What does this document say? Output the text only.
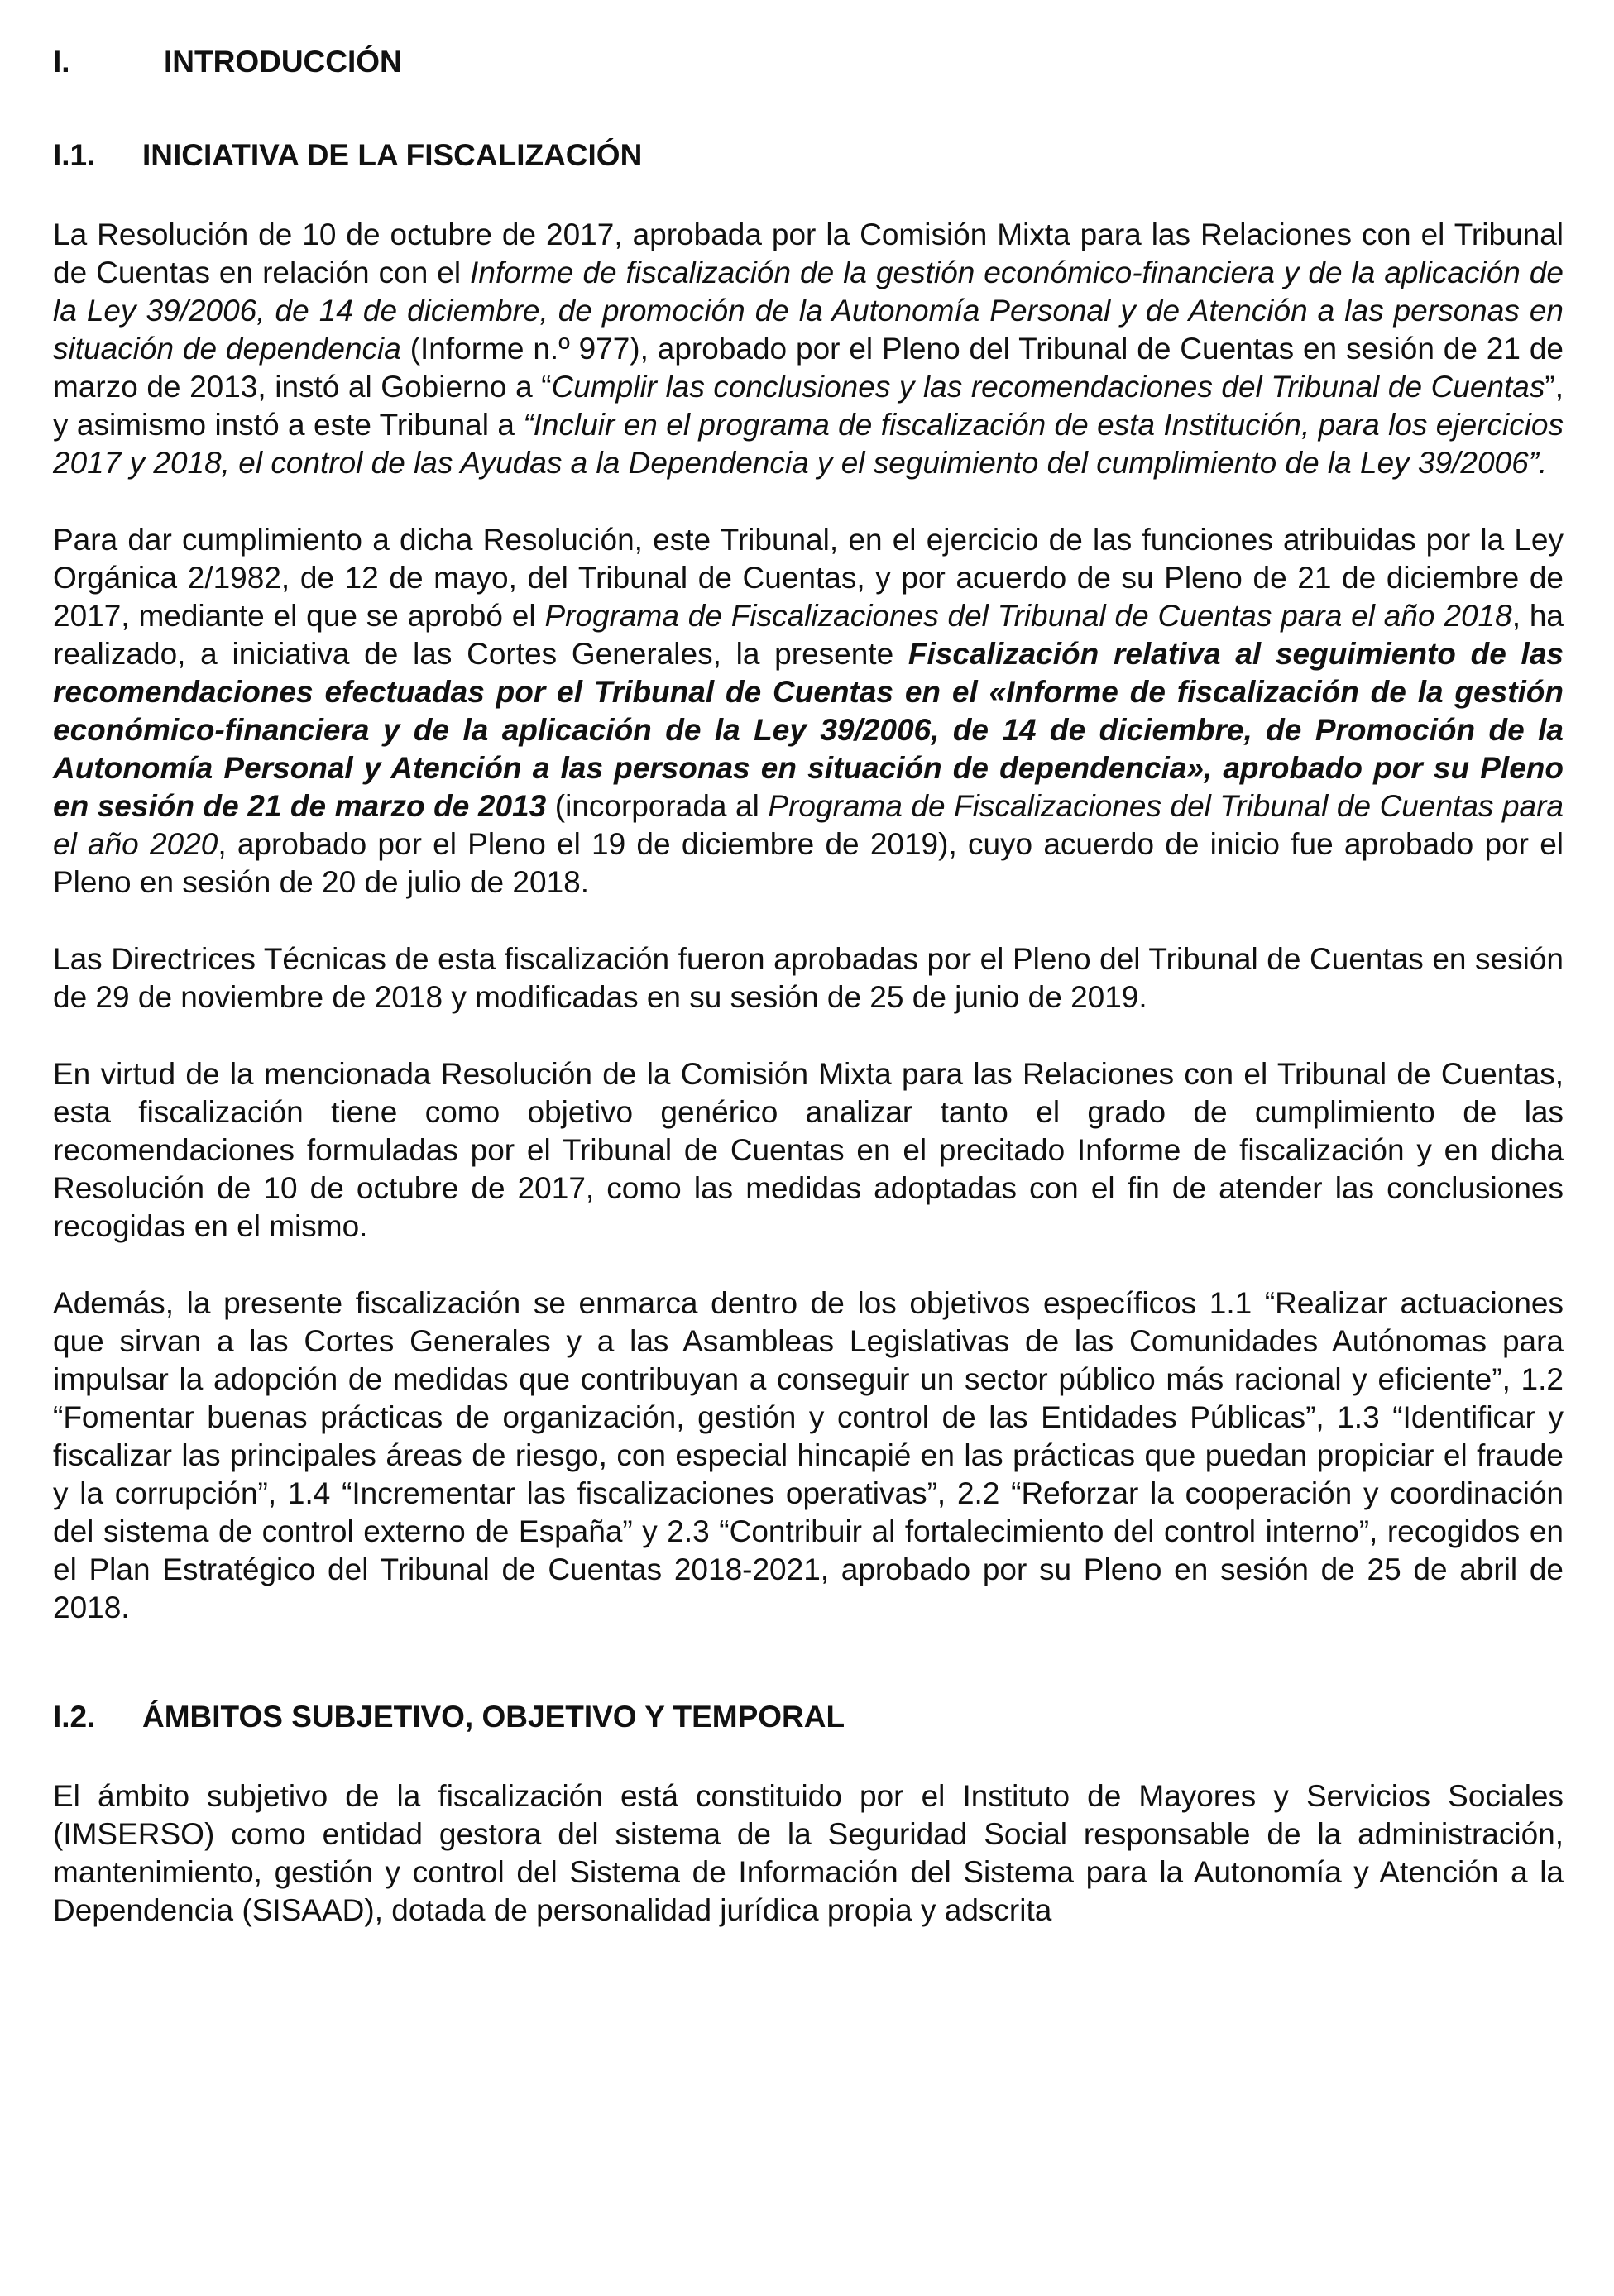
I.	INTRODUCCIÓN
I.1.	INICIATIVA DE LA FISCALIZACIÓN

La Resolución de 10 de octubre de 2017, aprobada por la Comisión Mixta para las Relaciones con el Tribunal de Cuentas en relación con el Informe de fiscalización de la gestión económico-financiera y de la aplicación de la Ley 39/2006, de 14 de diciembre, de promoción de la Autonomía Personal y de Atención a las personas en situación de dependencia (Informe n.º 977), aprobado por el Pleno del Tribunal de Cuentas en sesión de 21 de marzo de 2013, instó al Gobierno a “Cumplir las conclusiones y las recomendaciones del Tribunal de Cuentas”, y asimismo instó a este Tribunal a “Incluir en el programa de fiscalización de esta Institución, para los ejercicios 2017 y 2018, el control de las Ayudas a la Dependencia y el seguimiento del cumplimiento de la Ley 39/2006”.

Para dar cumplimiento a dicha Resolución, este Tribunal, en el ejercicio de las funciones atribuidas por la Ley Orgánica 2/1982, de 12 de mayo, del Tribunal de Cuentas, y por acuerdo de su Pleno de 21 de diciembre de 2017, mediante el que se aprobó el Programa de Fiscalizaciones del Tribunal de Cuentas para el año 2018, ha realizado, a iniciativa de las Cortes Generales, la presente Fiscalización relativa al seguimiento de las recomendaciones efectuadas por el Tribunal de Cuentas en el «Informe de fiscalización de la gestión económico-financiera y de la aplicación de la Ley 39/2006, de 14 de diciembre, de Promoción de la Autonomía Personal y Atención a las personas en situación de dependencia», aprobado por su Pleno en sesión de 21 de marzo de 2013 (incorporada al Programa de Fiscalizaciones del Tribunal de Cuentas para el año 2020, aprobado por el Pleno el 19 de diciembre de 2019), cuyo acuerdo de inicio fue aprobado por el Pleno en sesión de 20 de julio de 2018.

Las Directrices Técnicas de esta fiscalización fueron aprobadas por el Pleno del Tribunal de Cuentas en sesión de 29 de noviembre de 2018 y modificadas en su sesión de 25 de junio de 2019.

En virtud de la mencionada Resolución de la Comisión Mixta para las Relaciones con el Tribunal de Cuentas, esta fiscalización tiene como objetivo genérico analizar tanto el grado de cumplimiento de las recomendaciones formuladas por el Tribunal de Cuentas en el precitado Informe de fiscalización y en dicha Resolución de 10 de octubre de 2017, como las medidas adoptadas con el fin de atender las conclusiones recogidas en el mismo.

Además, la presente fiscalización se enmarca dentro de los objetivos específicos 1.1 “Realizar actuaciones que sirvan a las Cortes Generales y a las Asambleas Legislativas de las Comunidades Autónomas para impulsar la adopción de medidas que contribuyan a conseguir un sector público más racional y eficiente”, 1.2 “Fomentar buenas prácticas de organización, gestión y control de las Entidades Públicas”, 1.3 “Identificar y fiscalizar las principales áreas de riesgo, con especial hincapié en las prácticas que puedan propiciar el fraude y la corrupción”, 1.4 “Incrementar las fiscalizaciones operativas”, 2.2 “Reforzar la cooperación y coordinación del sistema de control externo de España” y 2.3 “Contribuir al fortalecimiento del control interno”, recogidos en el Plan Estratégico del Tribunal de Cuentas 2018-2021, aprobado por su Pleno en sesión de 25 de abril de 2018.

I.2.	ÁMBITOS SUBJETIVO, OBJETIVO Y TEMPORAL

El ámbito subjetivo de la fiscalización está constituido por el Instituto de Mayores y Servicios Sociales (IMSERSO) como entidad gestora del sistema de la Seguridad Social responsable de la administración, mantenimiento, gestión y control del Sistema de Información del Sistema para la Autonomía y Atención a la Dependencia (SISAAD), dotada de personalidad jurídica propia y adscrita
